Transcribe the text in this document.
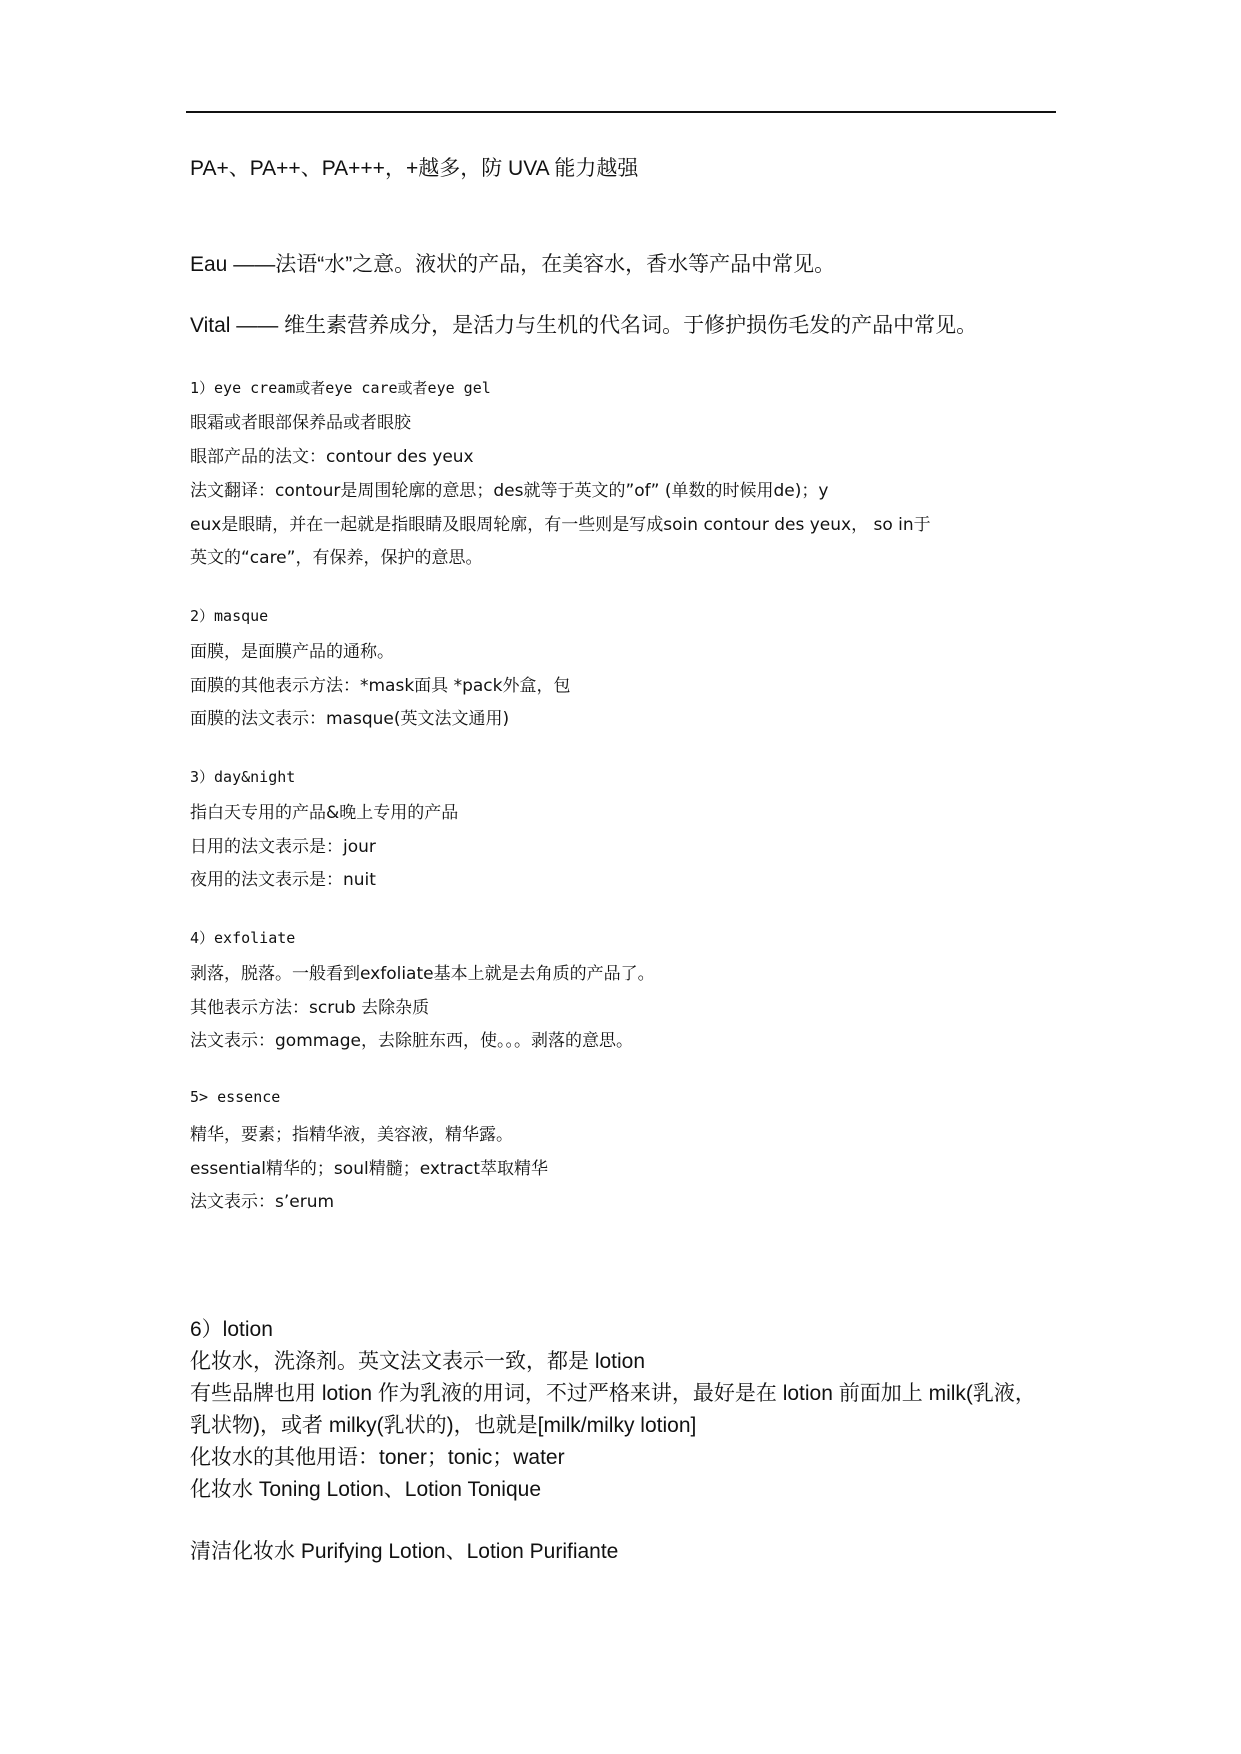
PA+、PA++、PA+++，+越多，防 UVA 能力越强

Eau ——法语“水”之意。液状的产品，在美容水，香水等产品中常见。

Vital —— 维生素营养成分，是活力与生机的代名词。于修护损伤毛发的产品中常见。

1）eye cream或者eye care或者eye gel

眼霜或者眼部保养品或者眼胶

眼部产品的法文：contour des yeux

法文翻译：contour是周围轮廓的意思；des就等于英文的”of” (单数的时候用de)；y

eux是眼睛，并在一起就是指眼睛及眼周轮廓，有一些则是写成soin contour des yeux， so in于

英文的“care”，有保养，保护的意思。

2）masque

面膜，是面膜产品的通称。

面膜的其他表示方法：*mask面具 *pack外盒，包

面膜的法文表示：masque(英文法文通用)

3）day&night

指白天专用的产品&晚上专用的产品

日用的法文表示是：jour

夜用的法文表示是：nuit

4）exfoliate

剥落，脱落。一般看到exfoliate基本上就是去角质的产品了。

其他表示方法：scrub 去除杂质

法文表示：gommage，去除脏东西，使。。。剥落的意思。

5> essence

精华，要素；指精华液，美容液，精华露。

essential精华的；soul精髓；extract萃取精华

法文表示：s’erum

6）lotion

化妆水，洗涤剂。英文法文表示一致，都是 lotion

有些品牌也用 lotion 作为乳液的用词，不过严格来讲，最好是在 lotion 前面加上 milk(乳液，

乳状物)，或者 milky(乳状的)，也就是[milk/milky lotion]

化妆水的其他用语：toner；tonic；water

化妆水 Toning Lotion、Lotion Tonique

清洁化妆水 Purifying Lotion、Lotion Purifiante
